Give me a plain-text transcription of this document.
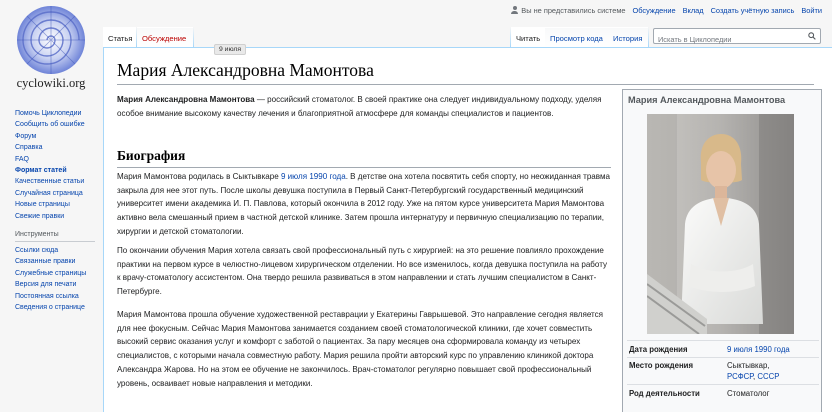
cyclowiki.org
Помочь Циклопедии
Сообщить об ошибке
Форум
Справка
FAQ
Формат статей
Качественные статьи
Случайная страница
Новые страницы
Свежие правки
Инструменты
Ссылки сюда
Связанные правки
Служебные страницы
Версия для печати
Постоянная ссылка
Сведения о странице
Вы не представились системе Обсуждение Вклад Создать учётную запись Войти
Статья	Обсуждение	Читать	Просмотр кода	История
Искать в Циклопедии
Мария Александровна Мамонтова

Мария Александровна Мамонтова — российский стоматолог. В своей практике она следует индивидуальному подходу, уделяя особое внимание высокому качеству лечения и благоприятной атмосфере для команды специалистов и пациентов.

Биография

Мария Мамонтова родилась в Сыктывкаре 9 июля 1990 года. В детстве она хотела посвятить себя спорту, но неожиданная травма закрыла для нее этот путь. После школы девушка поступила в Первый Санкт-Петербургский государственный медицинский университет имени академика И. П. Павлова, который окончила в 2012 году. Уже на пятом курсе университета Мария Мамонтова активно вела смешанный прием в частной детской клинике. Затем прошла интернатуру и первичную специализацию по терапии, хирургии и детской стоматологии.

По окончании обучения Мария хотела связать свой профессиональный путь с хирургией: на это решение повлияло прохождение практики на первом курсе в челюстно-лицевом хирургическом отделении. Но все изменилось, когда девушка поступила на работу к врачу-стоматологу ассистентом. Она твердо решила развиваться в этом направлении и стать лучшим специалистом в Санкт-Петербурге.

Мария Мамонтова прошла обучение художественной реставрации у Екатерины Гаврышевой. Это направление сегодня является для нее фокусным. Сейчас Мария Мамонтова занимается созданием своей стоматологической клиники, где хочет совместить высокий сервис оказания услуг и комфорт с заботой о пациентах. За пару месяцев она сформировала команду из четырех специалистов, с которыми начала совместную работу. Мария решила пройти авторский курс по управлению клиникой доктора Александра Жарова. Но на этом ее обучение не закончилось. Врач-стоматолог регулярно повышает свой профессиональный уровень, осваивает новые направления и методики.

Мария Александровна Мамонтова
Дата рождения	9 июля 1990 года
Место рождения	Сыктывкар,
РСФСР, СССР
Род деятельности	Стоматолог
9 июля
